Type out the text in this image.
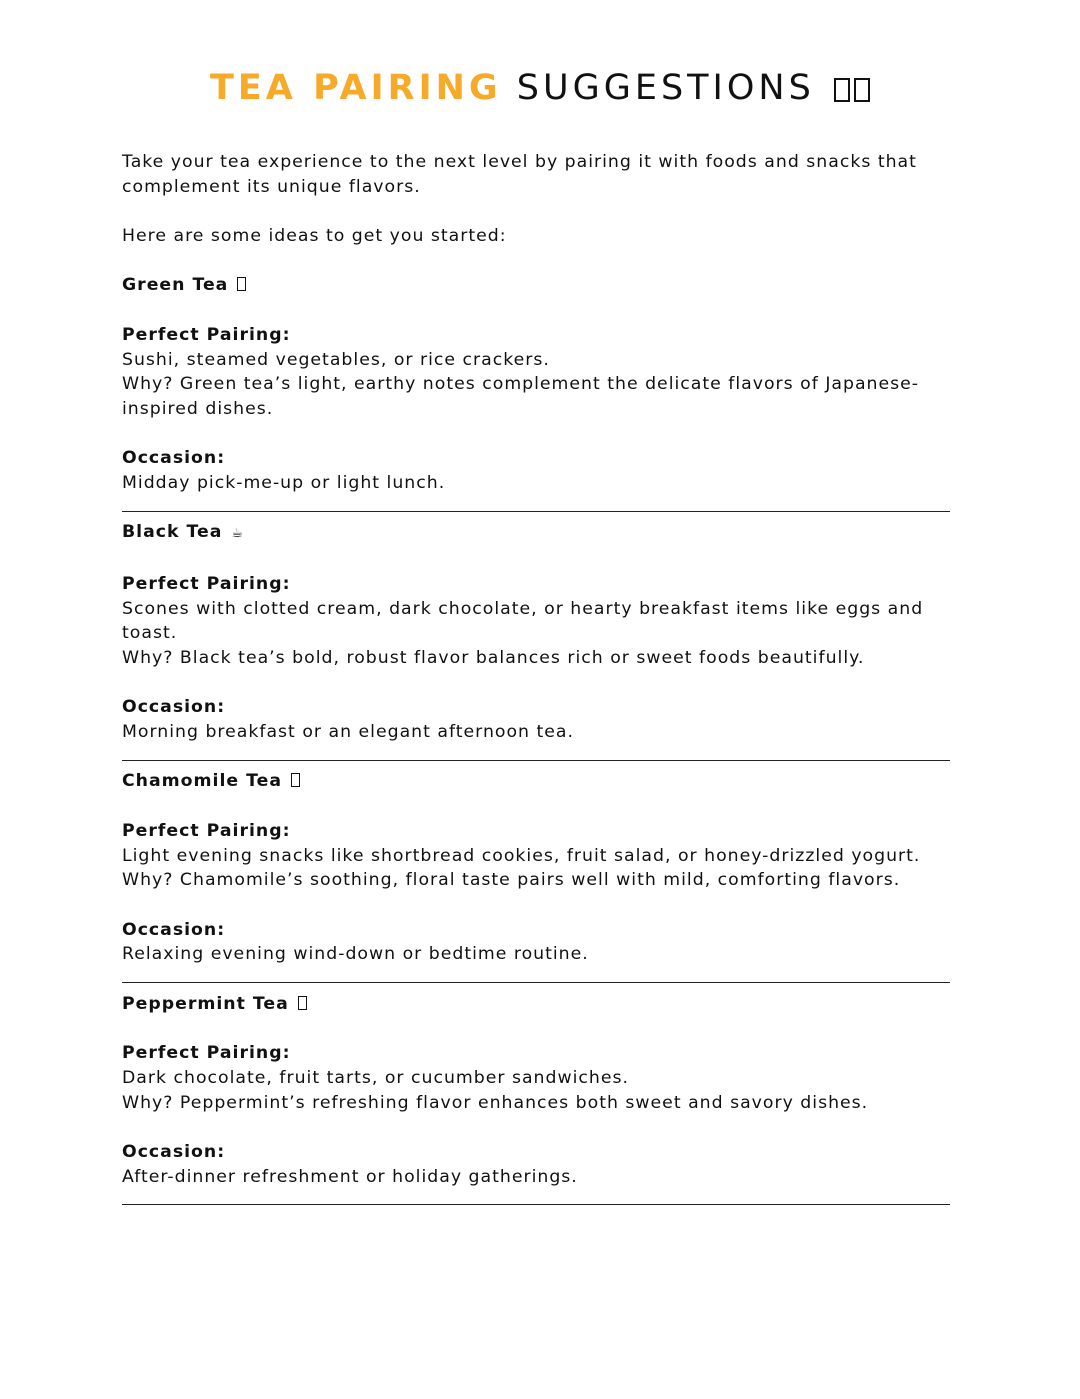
TEA PAIRING SUGGESTIONS

Take your tea experience to the next level by pairing it with foods and snacks that

complement its unique flavors.

Here are some ideas to get you started:

Green Tea

Perfect Pairing:

Sushi, steamed vegetables, or rice crackers.

Why? Green tea’s light, earthy notes complement the delicate flavors of Japanese-

inspired dishes.

Occasion:

Midday pick-me-up or light lunch.

Black Tea ☕

Perfect Pairing:

Scones with clotted cream, dark chocolate, or hearty breakfast items like eggs and toast.

Why? Black tea’s bold, robust flavor balances rich or sweet foods beautifully.

Occasion:

Morning breakfast or an elegant afternoon tea.

Chamomile Tea

Perfect Pairing:

Light evening snacks like shortbread cookies, fruit salad, or honey-drizzled yogurt.

Why? Chamomile’s soothing, floral taste pairs well with mild, comforting flavors.

Occasion:

Relaxing evening wind-down or bedtime routine.

Peppermint Tea

Perfect Pairing:

Dark chocolate, fruit tarts, or cucumber sandwiches.

Why? Peppermint’s refreshing flavor enhances both sweet and savory dishes.

Occasion:

After-dinner refreshment or holiday gatherings.
